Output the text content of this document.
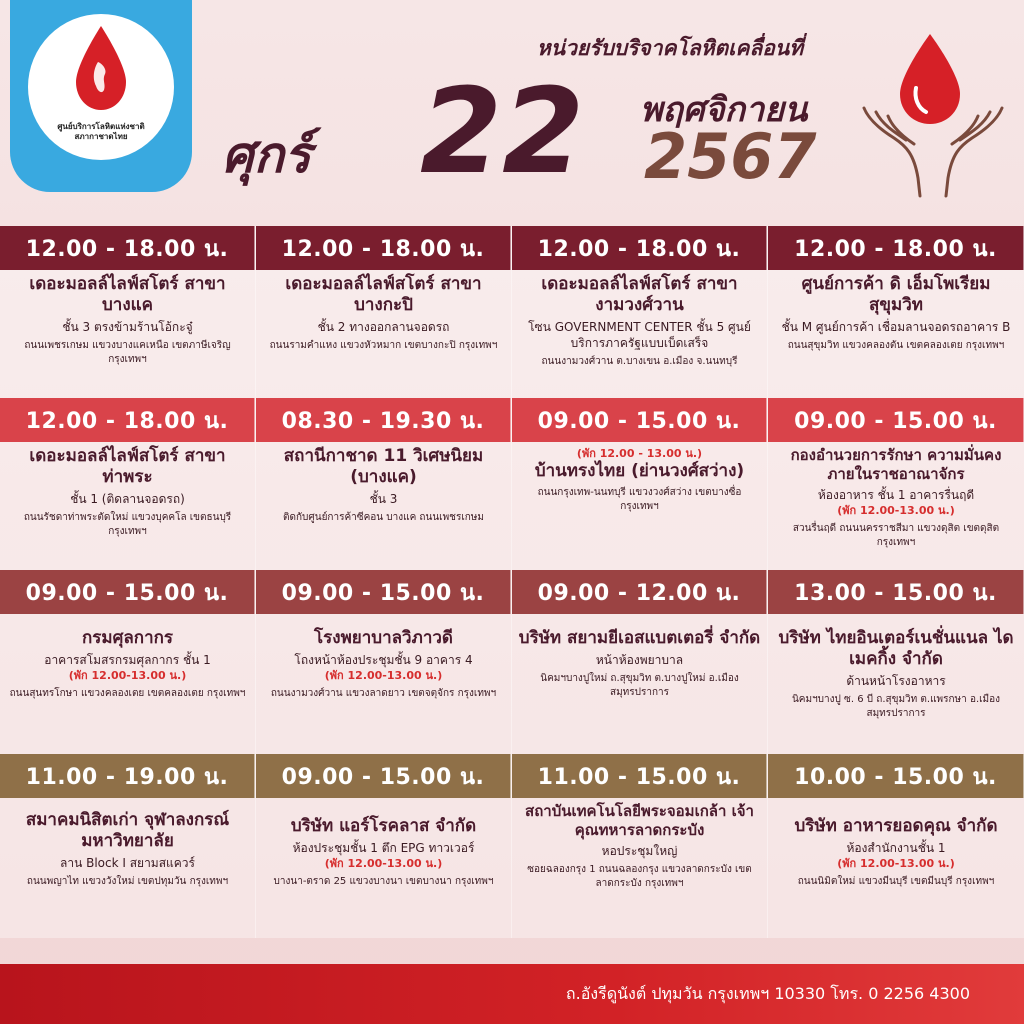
ศูนย์บริการโลหิตแห่งชาติ
สภากาชาดไทย
หน่วยรับบริจาคโลหิตเคลื่อนที่
ศุกร์ 22 พฤศจิกายน
2567
12.00 - 18.00 น.
เดอะมอลล์ไลฟ์สโตร์ สาขาบางแค
ชั้น 3 ตรงข้ามร้านโอ้กะจู๋
ถนนเพชรเกษม แขวงบางแคเหนือ เขตภาษีเจริญ กรุงเทพฯ
12.00 - 18.00 น.
เดอะมอลล์ไลฟ์สโตร์ สาขาบางกะปิ
ชั้น 2 ทางออกลานจอดรถ
ถนนรามคำแหง แขวงหัวหมาก เขตบางกะปิ กรุงเทพฯ
12.00 - 18.00 น.
เดอะมอลล์ไลฟ์สโตร์ สาขางามวงศ์วาน
โซน GOVERNMENT CENTER ชั้น 5 ศูนย์บริการภาครัฐแบบเบ็ดเสร็จ
ถนนงามวงศ์วาน ต.บางเขน อ.เมือง จ.นนทบุรี
12.00 - 18.00 น.
ศูนย์การค้า ดิ เอ็มโพเรียม สุขุมวิท
ชั้น M ศูนย์การค้า เชื่อมลานจอดรถอาคาร B
ถนนสุขุมวิท แขวงคลองตัน เขตคลองเตย กรุงเทพฯ
12.00 - 18.00 น.
เดอะมอลล์ไลฟ์สโตร์ สาขาท่าพระ
ชั้น 1 (ติดลานจอดรถ)
ถนนรัชดาท่าพระตัดใหม่ แขวงบุคคโล เขตธนบุรี กรุงเทพฯ
08.30 - 19.30 น.
สถานีกาชาด 11 วิเศษนิยม (บางแค)
ชั้น 3
ติดกับศูนย์การค้าซีคอน บางแค ถนนเพชรเกษม
09.00 - 15.00 น.
(พัก 12.00 - 13.00 น.)
บ้านทรงไทย (ย่านวงศ์สว่าง)
ถนนกรุงเทพ-นนทบุรี แขวงวงศ์สว่าง เขตบางซื่อ กรุงเทพฯ
09.00 - 15.00 น.
กองอำนวยการรักษา ความมั่นคงภายในราชอาณาจักร
ห้องอาหาร ชั้น 1 อาคารรื่นฤดี
(พัก 12.00-13.00 น.)
สวนรื่นฤดี ถนนนครราชสีมา แขวงดุสิต เขตดุสิต กรุงเทพฯ
09.00 - 15.00 น.
กรมศุลกากร
อาคารสโมสรกรมศุลกากร ชั้น 1
(พัก 12.00-13.00 น.)
ถนนสุนทรโกษา แขวงคลองเตย เขตคลองเตย กรุงเทพฯ
09.00 - 15.00 น.
โรงพยาบาลวิภาวดี
โถงหน้าห้องประชุมชั้น 9 อาคาร 4
(พัก 12.00-13.00 น.)
ถนนงามวงศ์วาน แขวงลาดยาว เขตจตุจักร กรุงเทพฯ
09.00 - 12.00 น.
บริษัท สยามยีเอสแบตเตอรี่ จำกัด
หน้าห้องพยาบาล
นิคมฯบางปูใหม่ ถ.สุขุมวิท ต.บางปูใหม่ อ.เมือง สมุทรปราการ
13.00 - 15.00 น.
บริษัท ไทยอินเตอร์เนชั่นแนล ไดเมคกิ้ง จำกัด
ด้านหน้าโรงอาหาร
นิคมฯบางปู ซ. 6 บี ถ.สุขุมวิท ต.แพรกษา อ.เมือง สมุทรปราการ
11.00 - 19.00 น.
สมาคมนิสิตเก่า จุฬาลงกรณ์มหาวิทยาลัย
ลาน Block I สยามสแควร์
ถนนพญาไท แขวงวังใหม่ เขตปทุมวัน กรุงเทพฯ
09.00 - 15.00 น.
บริษัท แอร์โรคลาส จำกัด
ห้องประชุมชั้น 1 ตึก EPG ทาวเวอร์
(พัก 12.00-13.00 น.)
บางนา-ตราด 25 แขวงบางนา เขตบางนา กรุงเทพฯ
11.00 - 15.00 น.
สถาบันเทคโนโลยีพระจอมเกล้า เจ้าคุณทหารลาดกระบัง
หอประชุมใหญ่
ซอยฉลองกรุง 1 ถนนฉลองกรุง แขวงลาดกระบัง เขตลาดกระบัง กรุงเทพฯ
10.00 - 15.00 น.
บริษัท อาหารยอดคุณ จำกัด
ห้องสำนักงานชั้น 1
(พัก 12.00-13.00 น.)
ถนนนิมิตใหม่ แขวงมีนบุรี เขตมีนบุรี กรุงเทพฯ
ถ.อังรีดูนังต์ ปทุมวัน กรุงเทพฯ 10330 โทร. 0 2256 4300
